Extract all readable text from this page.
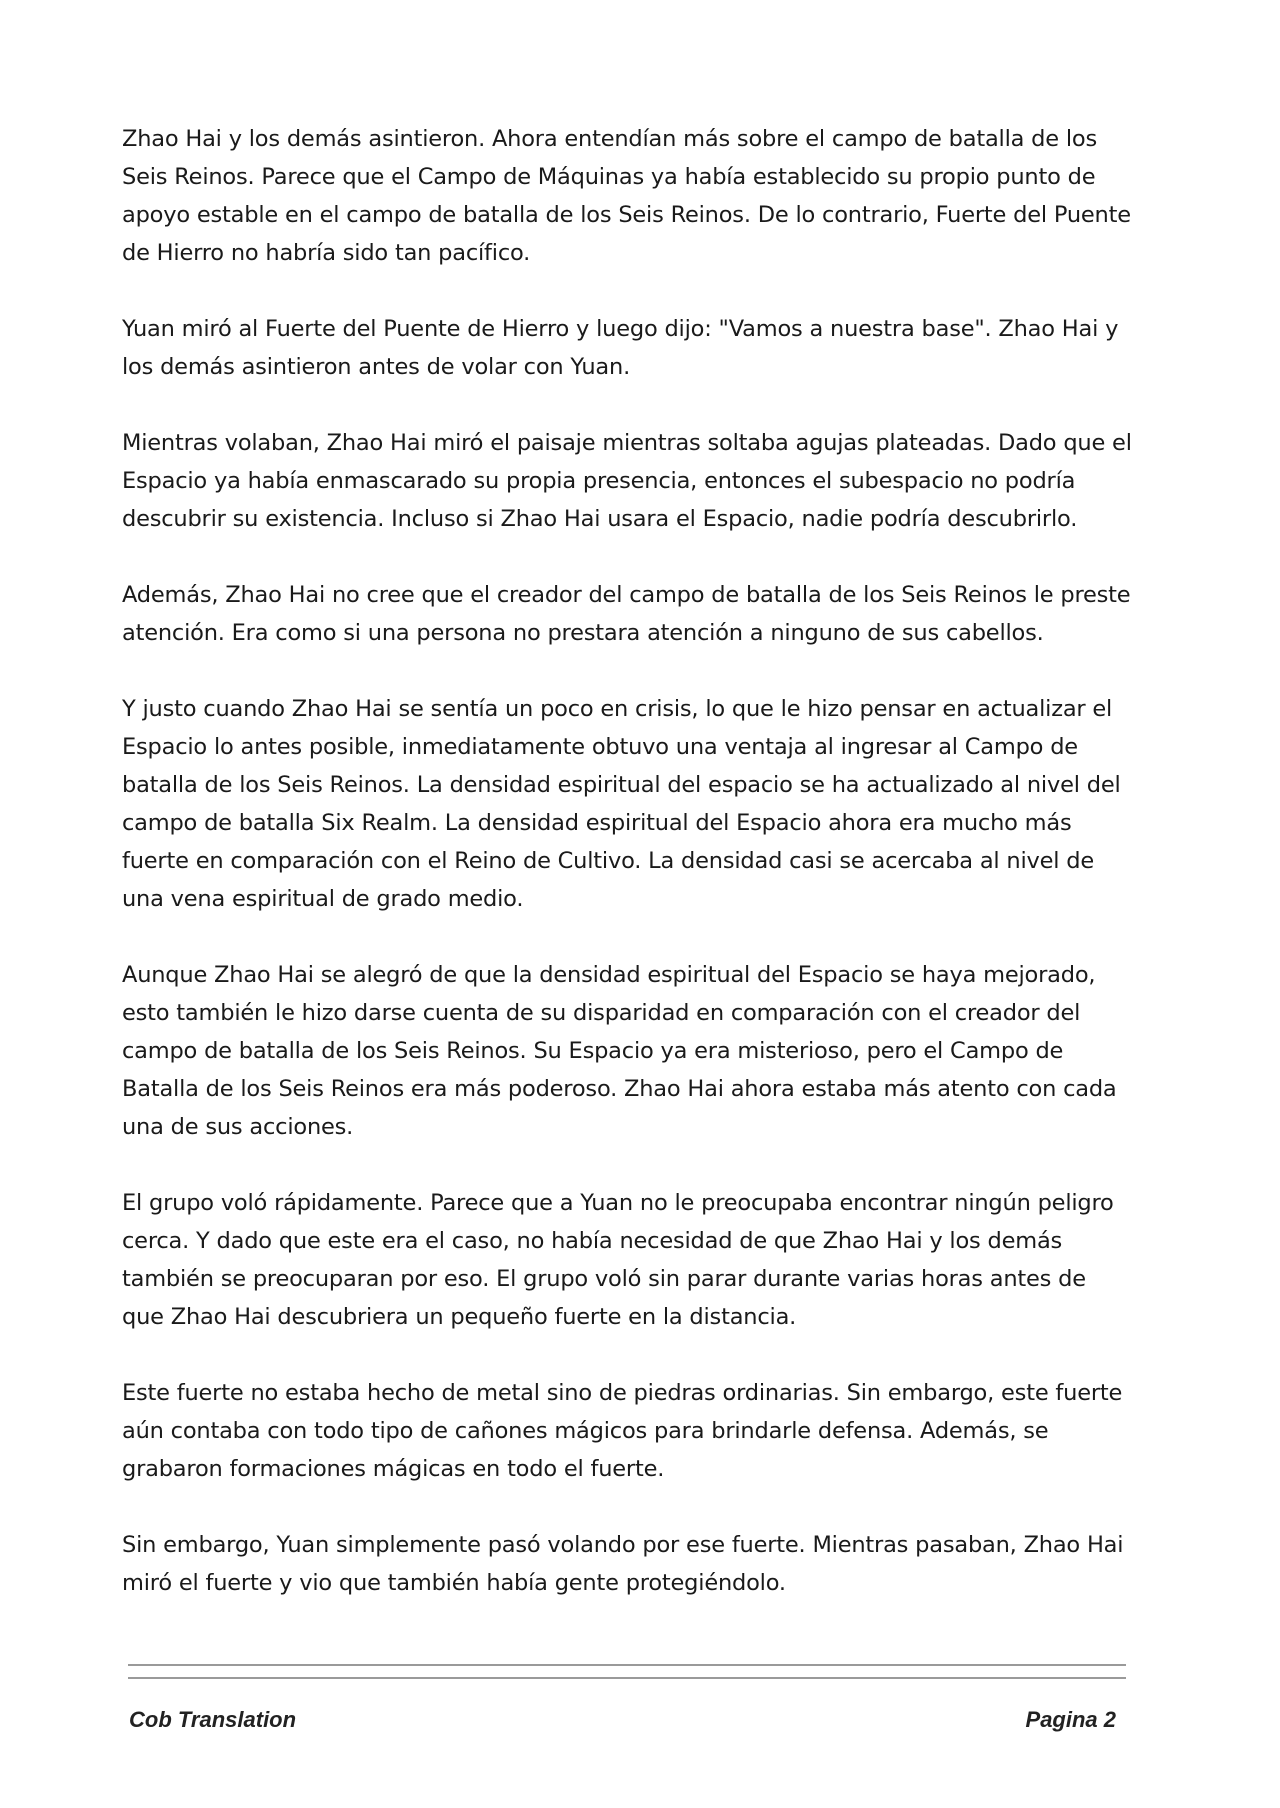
Zhao Hai y los demás asintieron. Ahora entendían más sobre el campo de batalla de los Seis Reinos. Parece que el Campo de Máquinas ya había establecido su propio punto de apoyo estable en el campo de batalla de los Seis Reinos. De lo contrario, Fuerte del Puente de Hierro no habría sido tan pacífico.

Yuan miró al Fuerte del Puente de Hierro y luego dijo: "Vamos a nuestra base". Zhao Hai y los demás asintieron antes de volar con Yuan.

Mientras volaban, Zhao Hai miró el paisaje mientras soltaba agujas plateadas. Dado que el Espacio ya había enmascarado su propia presencia, entonces el subespacio no podría descubrir su existencia. Incluso si Zhao Hai usara el Espacio, nadie podría descubrirlo.

Además, Zhao Hai no cree que el creador del campo de batalla de los Seis Reinos le preste atención. Era como si una persona no prestara atención a ninguno de sus cabellos.

Y justo cuando Zhao Hai se sentía un poco en crisis, lo que le hizo pensar en actualizar el Espacio lo antes posible, inmediatamente obtuvo una ventaja al ingresar al Campo de batalla de los Seis Reinos. La densidad espiritual del espacio se ha actualizado al nivel del campo de batalla Six Realm. La densidad espiritual del Espacio ahora era mucho más fuerte en comparación con el Reino de Cultivo. La densidad casi se acercaba al nivel de una vena espiritual de grado medio.

Aunque Zhao Hai se alegró de que la densidad espiritual del Espacio se haya mejorado, esto también le hizo darse cuenta de su disparidad en comparación con el creador del campo de batalla de los Seis Reinos. Su Espacio ya era misterioso, pero el Campo de Batalla de los Seis Reinos era más poderoso. Zhao Hai ahora estaba más atento con cada una de sus acciones.

El grupo voló rápidamente. Parece que a Yuan no le preocupaba encontrar ningún peligro cerca. Y dado que este era el caso, no había necesidad de que Zhao Hai y los demás también se preocuparan por eso. El grupo voló sin parar durante varias horas antes de que Zhao Hai descubriera un pequeño fuerte en la distancia.

Este fuerte no estaba hecho de metal sino de piedras ordinarias. Sin embargo, este fuerte aún contaba con todo tipo de cañones mágicos para brindarle defensa. Además, se grabaron formaciones mágicas en todo el fuerte.

Sin embargo, Yuan simplemente pasó volando por ese fuerte. Mientras pasaban, Zhao Hai miró el fuerte y vio que también había gente protegiéndolo.

Cob Translation	Pagina 2
